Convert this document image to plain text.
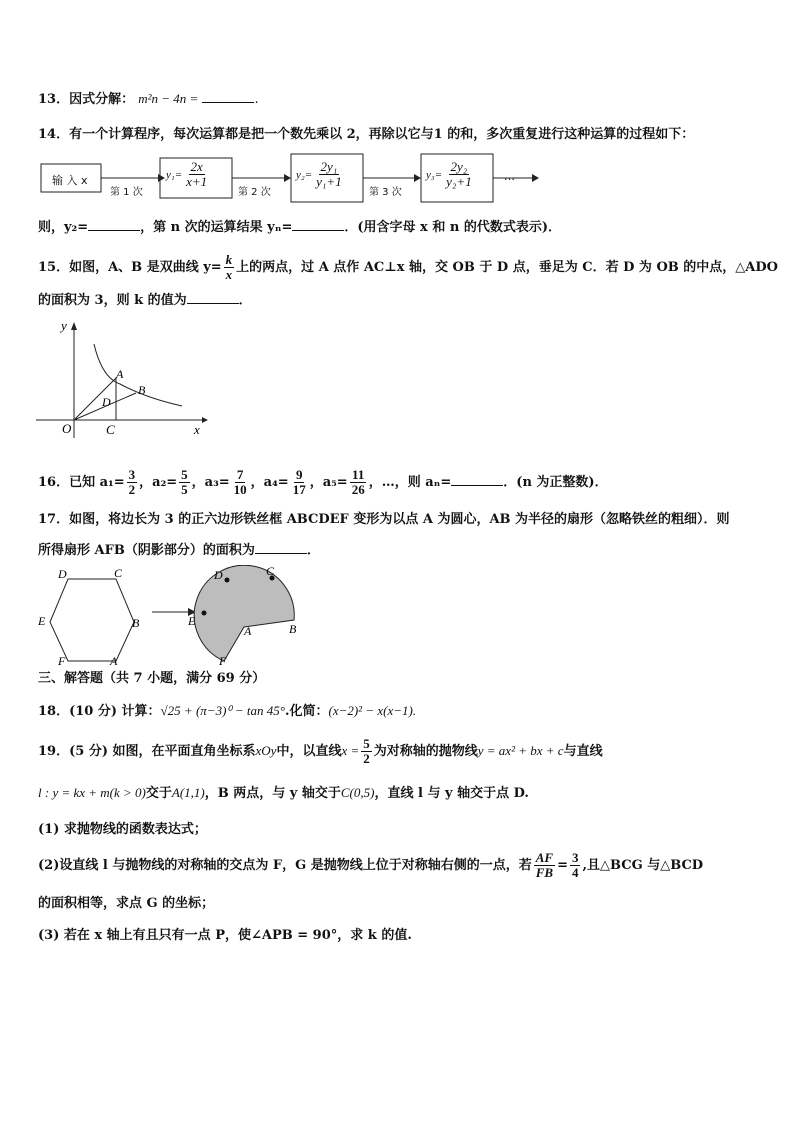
13．因式分解： m²n − 4n =	.
14．有一个计算程序，每次运算都是把一个数先乘以 2，再除以它与1 的和，多次重复进行这种运算的过程如下：
输 入 x
第 1 次	第 2 次	第 3 次
$y_1= \frac{2x}{x+1}$	$y_2= \frac{\text{2y₁}}{\text{y₁+1}}$	$y_3= \frac{\text{2y₂}}{\text{y₂+1}}$	…
则，y₂=	，第 n 次的运算结果 yₙ=	．(用含字母 x 和 n 的代数式表示)．
15．如图，A、B 是双曲线 $y= \frac{k}{x}$ 上的两点，过 A 点作 AC⊥x 轴，交 OB 于 D 点，垂足为 C．若 D 为 OB 的中点，△ADO
的面积为 3，则 k 的值为	．
y
x
O	C
A
B
D
16．已知 $a_1= \frac{3}{2}$ ，$a_2= \frac{5}{5}$ ，$a_3= \frac{7}{10}$ ，$a_4= \frac{9}{17}$ ，$a_5= \frac{11}{26}$ ，…，则 aₙ=	．(n 为正整数)．
17．如图，将边长为 3 的正六边形铁丝框 ABCDEF 变形为以点 A 为圆心，AB 为半径的扇形（忽略铁丝的粗细）．则
所得扇形 AFB（阴影部分）的面积为	．
D	C
E	B
F	A
D	C
E
A	B
F
三、解答题（共 7 小题，满分 69 分）
18．(10 分) 计算：√25 + (π−3)⁰ − tan 45°.化简：(x−2)² − x(x−1).
19．(5 分) 如图，在平面直角坐标系xOy中，以直线$x = \frac{5}{2}$ 为对称轴的抛物线y = ax² + bx + c与直线
l : y = kx + m(k > 0)交于A(1,1)，B 两点，与 y 轴交于C(0,5)，直线 l 与 y 轴交于点 D.
(1) 求抛物线的函数表达式；
(2)设直线 l 与抛物线的对称轴的交点为 F，G 是抛物线上位于对称轴右侧的一点，若 $\frac{AF}{FB} = \frac{3}{4}$ ,且△BCG 与△BCD
的面积相等，求点 G 的坐标；
(3) 若在 x 轴上有且只有一点 P，使∠APB = 90°，求 k 的值.
